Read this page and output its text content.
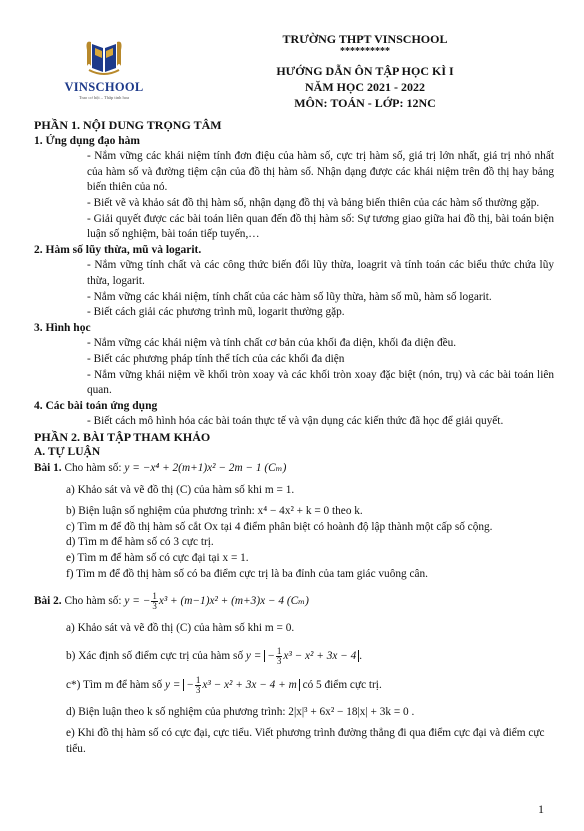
VINSCHOOL
Trao cơ hội – Thắp tinh hoa
TRƯỜNG THPT VINSCHOOL
**********
HƯỚNG DẪN ÔN TẬP HỌC KÌ I
NĂM HỌC 2021 - 2022
MÔN: TOÁN - LỚP: 12NC
PHẦN 1. NỘI DUNG TRỌNG TÂM
1. Ứng dụng đạo hàm
- Nắm vững các khái niệm tính đơn điệu của hàm số, cực trị hàm số, giá trị lớn nhất, giá trị nhỏ nhất của hàm số và đường tiệm cận của đồ thị hàm số. Nhận dạng được các khái niệm trên đồ thị hay bảng biến thiên của nó.
- Biết vẽ và khảo sát đồ thị hàm số, nhận dạng đồ thị và bảng biến thiên của các hàm số thường gặp.
- Giải quyết được các bài toán liên quan đến đồ thị hàm số: Sự tương giao giữa hai đồ thị, bài toán biện luận số nghiệm, bài toán tiếp tuyến,…
2. Hàm số lũy thừa, mũ và logarit.
- Nắm vững tính chất và các công thức biến đổi lũy thừa, loagrit và tính toán các biểu thức chứa lũy thừa, logarit.
- Nắm vững các khái niệm, tính chất của các hàm số lũy thừa, hàm số mũ, hàm số logarit.
- Biết cách giải các phương trình mũ, logarit thường gặp.
3. Hình học
- Nắm vững các khái niệm và tính chất cơ bản của khối đa diện, khối đa diện đều.
- Biết các phương pháp tính thể tích của các khối đa diện
- Nắm vững khái niệm về khối tròn xoay và các khối tròn xoay đặc biệt (nón, trụ) và các bài toán liên quan.
4. Các bài toán ứng dụng
- Biết cách mô hình hóa các bài toán thực tế và vận dụng các kiến thức đã học để giải quyết.
PHẦN 2. BÀI TẬP THAM KHẢO
A. TỰ LUẬN
Bài 1. Cho hàm số: y = −x⁴ + 2(m+1)x² − 2m − 1 (Cₘ)
a) Khảo sát và vẽ đồ thị (C) của hàm số khi m = 1.
b) Biện luận số nghiệm của phương trình: x⁴ − 4x² + k = 0 theo k.
c) Tìm m để đồ thị hàm số cắt Ox tại 4 điểm phân biệt có hoành độ lập thành một cấp số cộng.
d) Tìm m để hàm số có 3 cực trị.
e) Tìm m để hàm số có cực đại tại x = 1.
f) Tìm m để đồ thị hàm số có ba điểm cực trị là ba đỉnh của tam giác vuông cân.
Bài 2. Cho hàm số: y = − $\frac{1}{3} x^3 + (m-1)x^2 + (m+3)x - 4$ (Cₘ)
a) Khảo sát và vẽ đồ thị (C) của hàm số khi m = 0.
b) Xác định số điểm cực trị của hàm số y = − $\frac{1}{3} x^3 - x^2 + 3x - 4$ .
c*) Tìm m để hàm số y = − $\frac{1}{3} x^3 - x^2 + 3x - 4 + m$ có 5 điểm cực trị.
d) Biện luận theo k số nghiệm của phương trình: 2|x|³ + 6x² − 18|x| + 3k = 0 .
e) Khi đồ thị hàm số có cực đại, cực tiểu. Viết phương trình đường thẳng đi qua điểm cực đại và điểm cực tiểu.
1
